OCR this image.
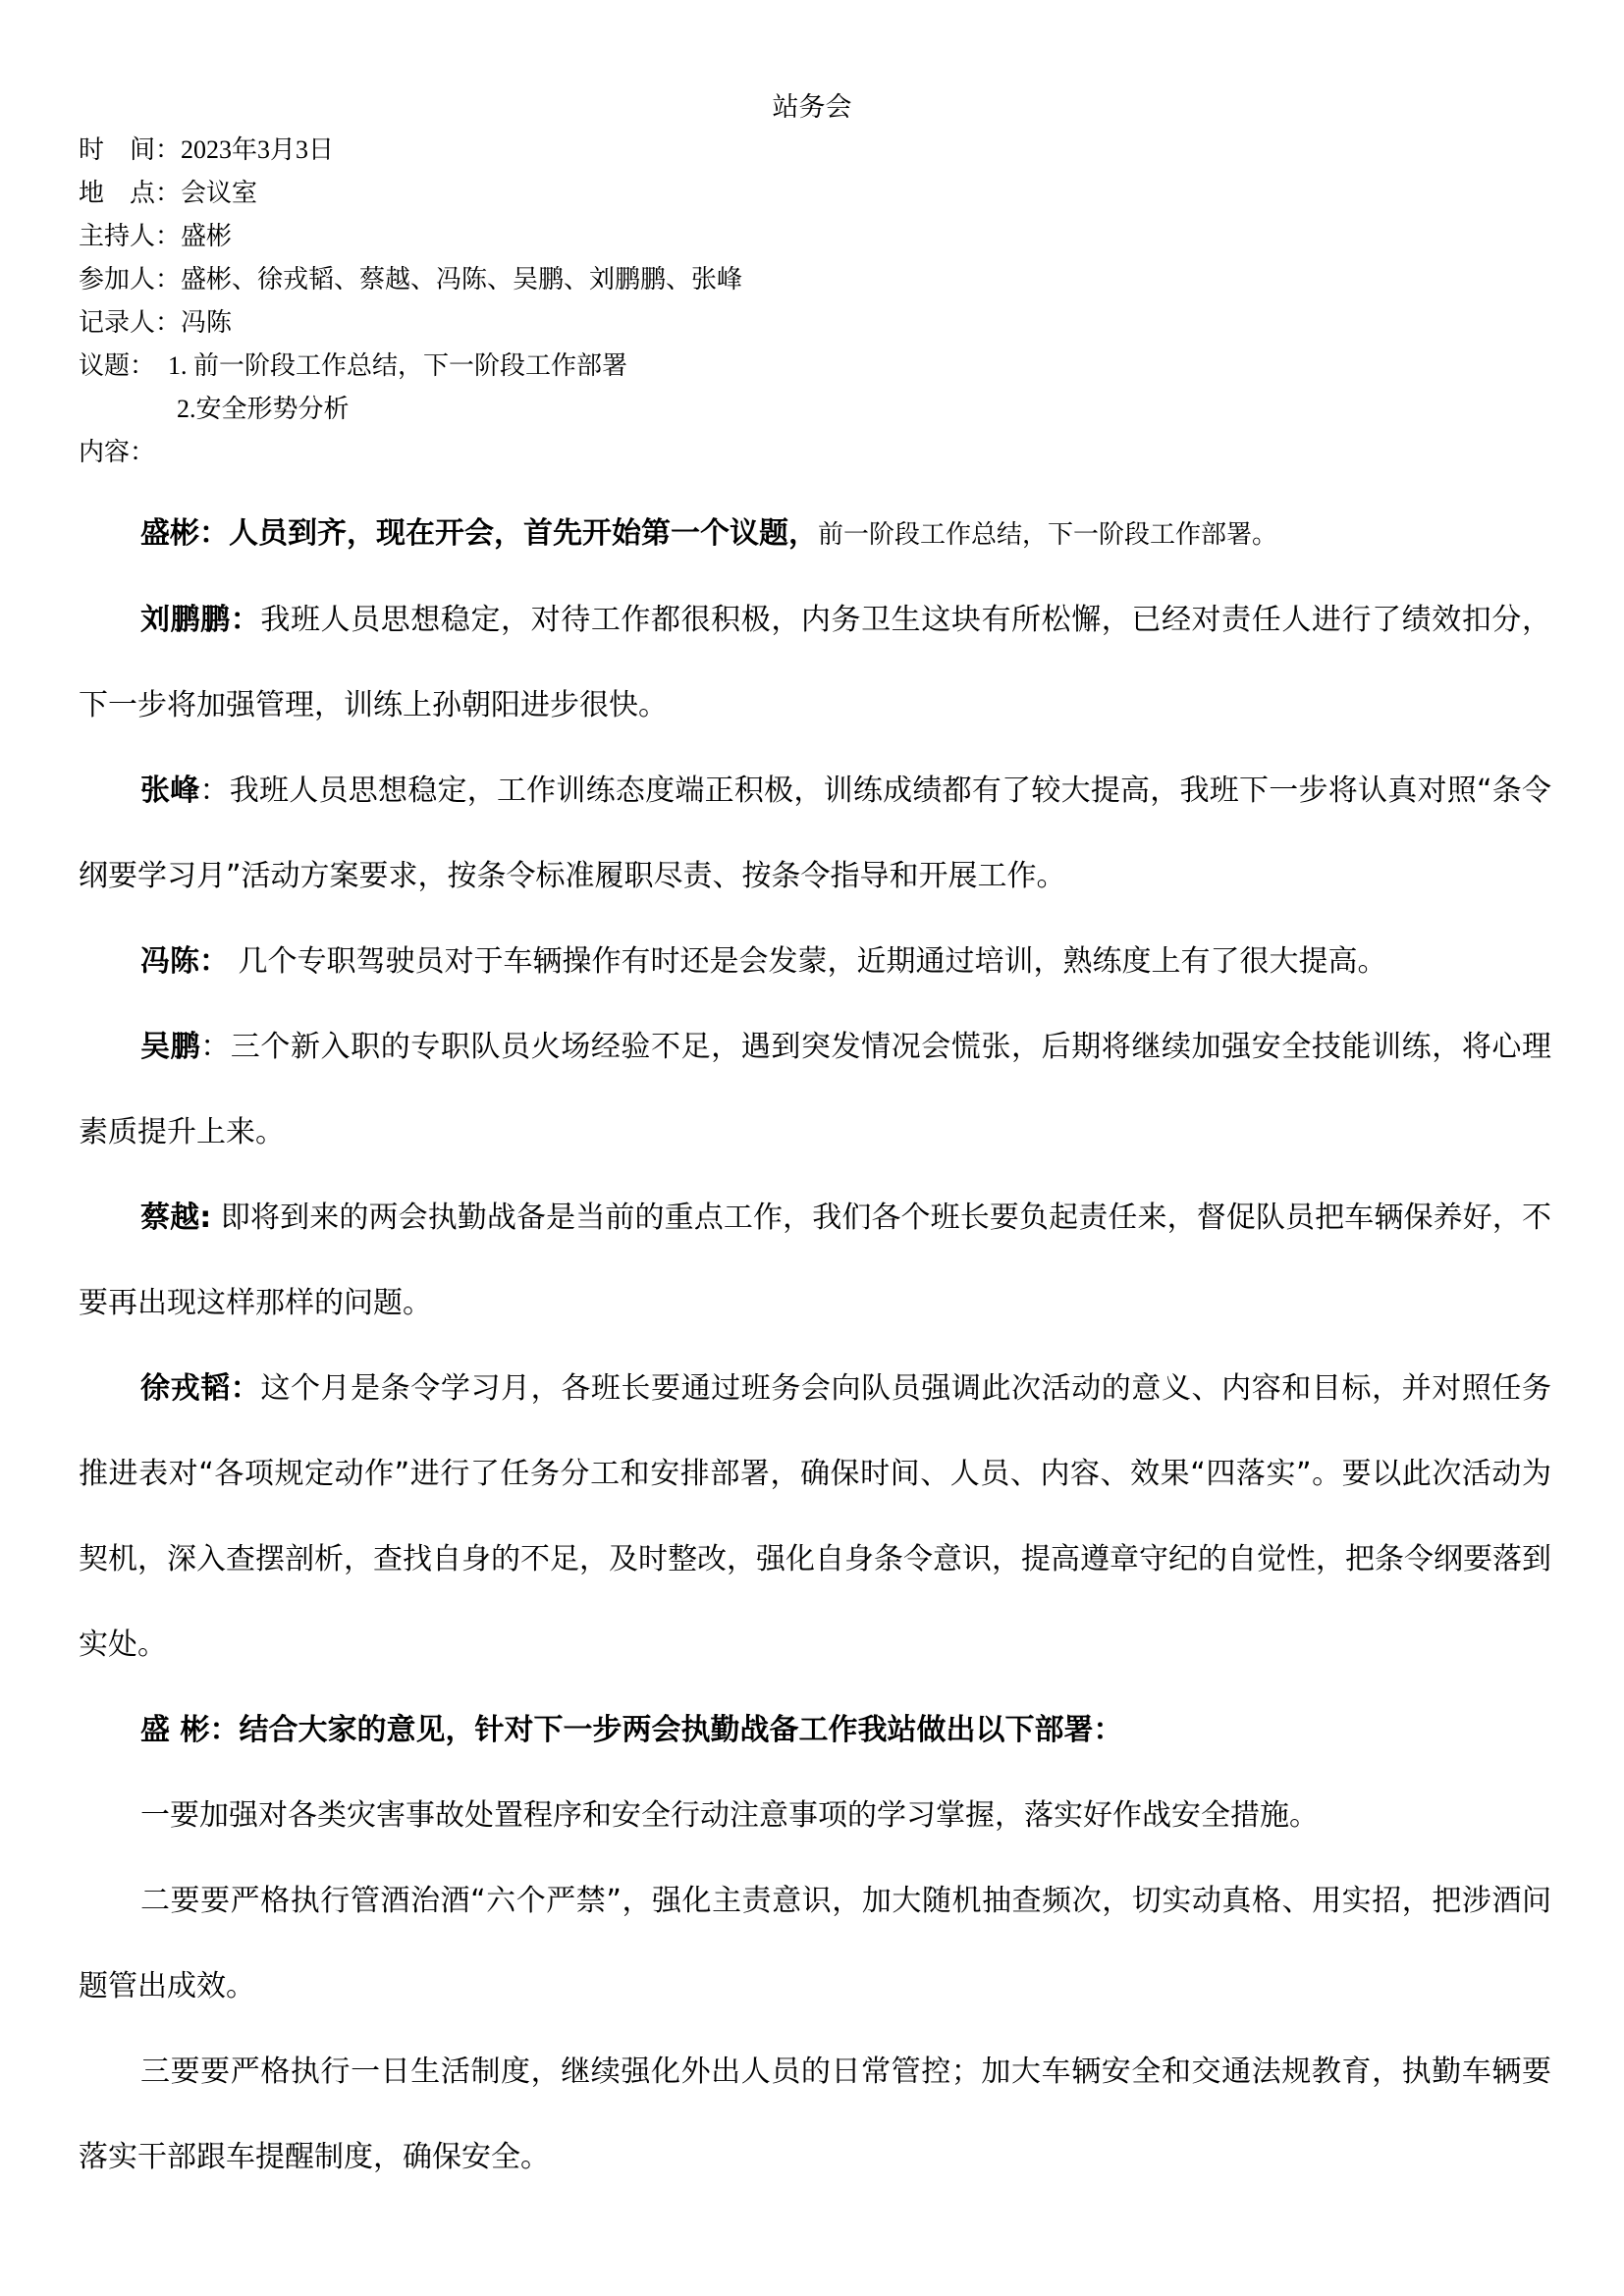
站务会
时　间：2023年3月3日
地　点：会议室
主持人：盛彬
参加人：盛彬、徐戎韬、蔡越、冯陈、吴鹏、刘鹏鹏、张峰
记录人：冯陈
议题： 1. 前一阶段工作总结，下一阶段工作部署
2.安全形势分析
内容：

盛彬：人员到齐，现在开会，首先开始第一个议题，前一阶段工作总结，下一阶段工作部署。

刘鹏鹏：我班人员思想稳定，对待工作都很积极，内务卫生这块有所松懈，已经对责任人进行了绩效扣分，下一步将加强管理，训练上孙朝阳进步很快。

张峰：我班人员思想稳定，工作训练态度端正积极，训练成绩都有了较大提高，我班下一步将认真对照“条令纲要学习月”活动方案要求，按条令标准履职尽责、按条令指导和开展工作。

冯陈： 几个专职驾驶员对于车辆操作有时还是会发蒙，近期通过培训，熟练度上有了很大提高。

吴鹏：三个新入职的专职队员火场经验不足，遇到突发情况会慌张，后期将继续加强安全技能训练，将心理素质提升上来。

蔡越: 即将到来的两会执勤战备是当前的重点工作，我们各个班长要负起责任来，督促队员把车辆保养好，不要再出现这样那样的问题。

徐戎韬：这个月是条令学习月，各班长要通过班务会向队员强调此次活动的意义、内容和目标，并对照任务推进表对“各项规定动作”进行了任务分工和安排部署，确保时间、人员、内容、效果“四落实”。要以此次活动为契机，深入查摆剖析，查找自身的不足，及时整改，强化自身条令意识，提高遵章守纪的自觉性，把条令纲要落到实处。

盛 彬：结合大家的意见，针对下一步两会执勤战备工作我站做出以下部署：

一要加强对各类灾害事故处置程序和安全行动注意事项的学习掌握，落实好作战安全措施。

二要要严格执行管酒治酒“六个严禁”，强化主责意识，加大随机抽查频次，切实动真格、用实招，把涉酒问题管出成效。

三要要严格执行一日生活制度，继续强化外出人员的日常管控；加大车辆安全和交通法规教育，执勤车辆要落实干部跟车提醒制度，确保安全。
